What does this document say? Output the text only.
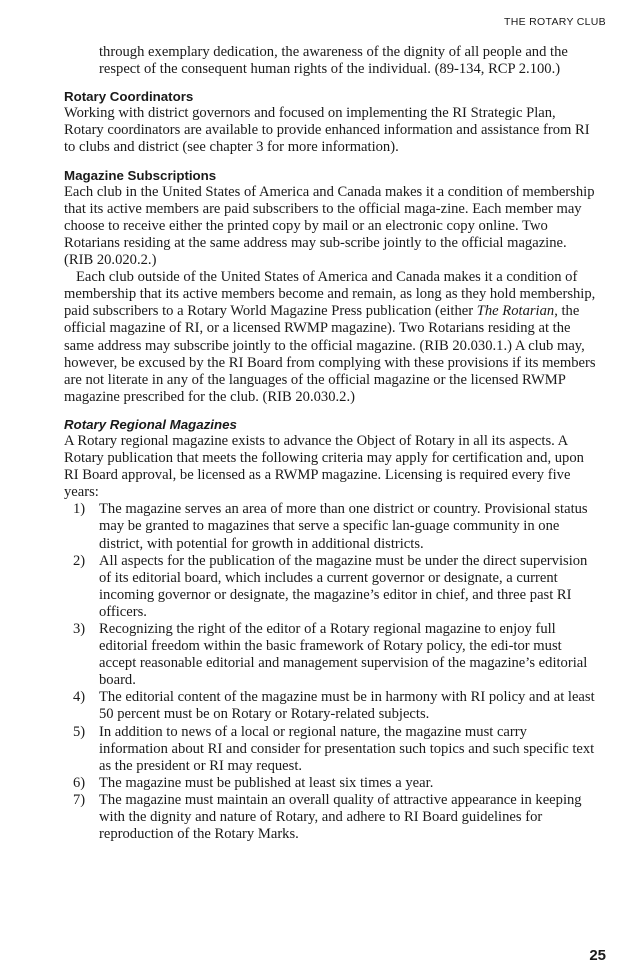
THE ROTARY CLUB

through exemplary dedication, the awareness of the dignity of all people and the respect of the consequent human rights of the individual. (89-134, RCP 2.100.)

Rotary Coordinators

Working with district governors and focused on implementing the RI Strategic Plan, Rotary coordinators are available to provide enhanced information and assistance from RI to clubs and district (see chapter 3 for more information).

Magazine Subscriptions

Each club in the United States of America and Canada makes it a condition of membership that its active members are paid subscribers to the official maga-zine. Each member may choose to receive either the printed copy by mail or an electronic copy online. Two Rotarians residing at the same address may sub-scribe jointly to the official magazine. (RIB 20.020.2.)

Each club outside of the United States of America and Canada makes it a condition of membership that its active members become and remain, as long as they hold membership, paid subscribers to a Rotary World Magazine Press publication (either The Rotarian, the official magazine of RI, or a licensed RWMP magazine). Two Rotarians residing at the same address may subscribe jointly to the official magazine. (RIB 20.030.1.) A club may, however, be excused by the RI Board from complying with these provisions if its members are not literate in any of the languages of the official magazine or the licensed RWMP magazine prescribed for the club. (RIB 20.030.2.)

Rotary Regional Magazines

A Rotary regional magazine exists to advance the Object of Rotary in all its aspects. A Rotary publication that meets the following criteria may apply for certification and, upon RI Board approval, be licensed as a RWMP magazine. Licensing is required every five years:

1) The magazine serves an area of more than one district or country. Provisional status may be granted to magazines that serve a specific lan-guage community in one district, with potential for growth in additional districts.
2) All aspects for the publication of the magazine must be under the direct supervision of its editorial board, which includes a current governor or designate, a current incoming governor or designate, the magazine’s editor in chief, and three past RI officers.
3) Recognizing the right of the editor of a Rotary regional magazine to enjoy full editorial freedom within the basic framework of Rotary policy, the edi-tor must accept reasonable editorial and management supervision of the magazine’s editorial board.
4) The editorial content of the magazine must be in harmony with RI policy and at least 50 percent must be on Rotary or Rotary-related subjects.
5) In addition to news of a local or regional nature, the magazine must carry information about RI and consider for presentation such topics and such specific text as the president or RI may request.
6) The magazine must be published at least six times a year.
7) The magazine must maintain an overall quality of attractive appearance in keeping with the dignity and nature of Rotary, and adhere to RI Board guidelines for reproduction of the Rotary Marks.
25
